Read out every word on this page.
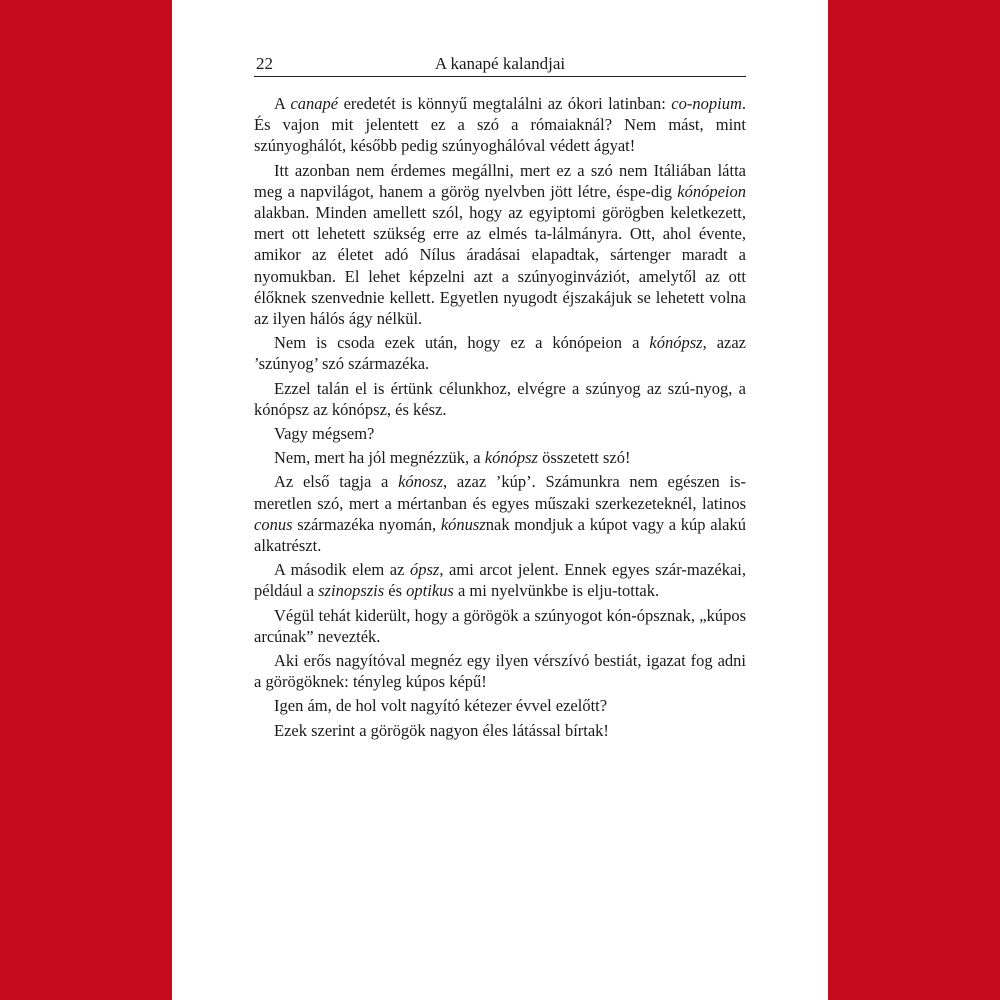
22	A kanapé kalandjai

A canapé eredetét is könnyű megtalálni az ókori latinban: co-nopium. És vajon mit jelentett ez a szó a rómaiaknál? Nem mást, mint szúnyoghálót, később pedig szúnyoghálóval védett ágyat!

Itt azonban nem érdemes megállni, mert ez a szó nem Itáliában látta meg a napvilágot, hanem a görög nyelvben jött létre, éspe-dig kónópeion alakban. Minden amellett szól, hogy az egyiptomi görögben keletkezett, mert ott lehetett szükség erre az elmés ta-lálmányra. Ott, ahol évente, amikor az életet adó Nílus áradásai elapadtak, sártenger maradt a nyomukban. El lehet képzelni azt a szúnyoginváziót, amelytől az ott élőknek szenvednie kellett. Egyetlen nyugodt éjszakájuk se lehetett volna az ilyen hálós ágy nélkül.

Nem is csoda ezek után, hogy ez a kónópeion a kónópsz, azaz ’szúnyog’ szó származéka.

Ezzel talán el is értünk célunkhoz, elvégre a szúnyog az szú-nyog, a kónópsz az kónópsz, és kész.

Vagy mégsem?

Nem, mert ha jól megnézzük, a kónópsz összetett szó!

Az első tagja a kónosz, azaz ’kúp’. Számunkra nem egészen is-meretlen szó, mert a mértanban és egyes műszaki szerkezeteknél, latinos conus származéka nyomán, kónusznak mondjuk a kúpot vagy a kúp alakú alkatrészt.

A második elem az ópsz, ami arcot jelent. Ennek egyes szár-mazékai, például a szinopszis és optikus a mi nyelvünkbe is elju-tottak.

Végül tehát kiderült, hogy a görögök a szúnyogot kón-ópsznak, „kúpos arcúnak” nevezték.

Aki erős nagyítóval megnéz egy ilyen vérszívó bestiát, igazat fog adni a görögöknek: tényleg kúpos képű!

Igen ám, de hol volt nagyító kétezer évvel ezelőtt?

Ezek szerint a görögök nagyon éles látással bírtak!
